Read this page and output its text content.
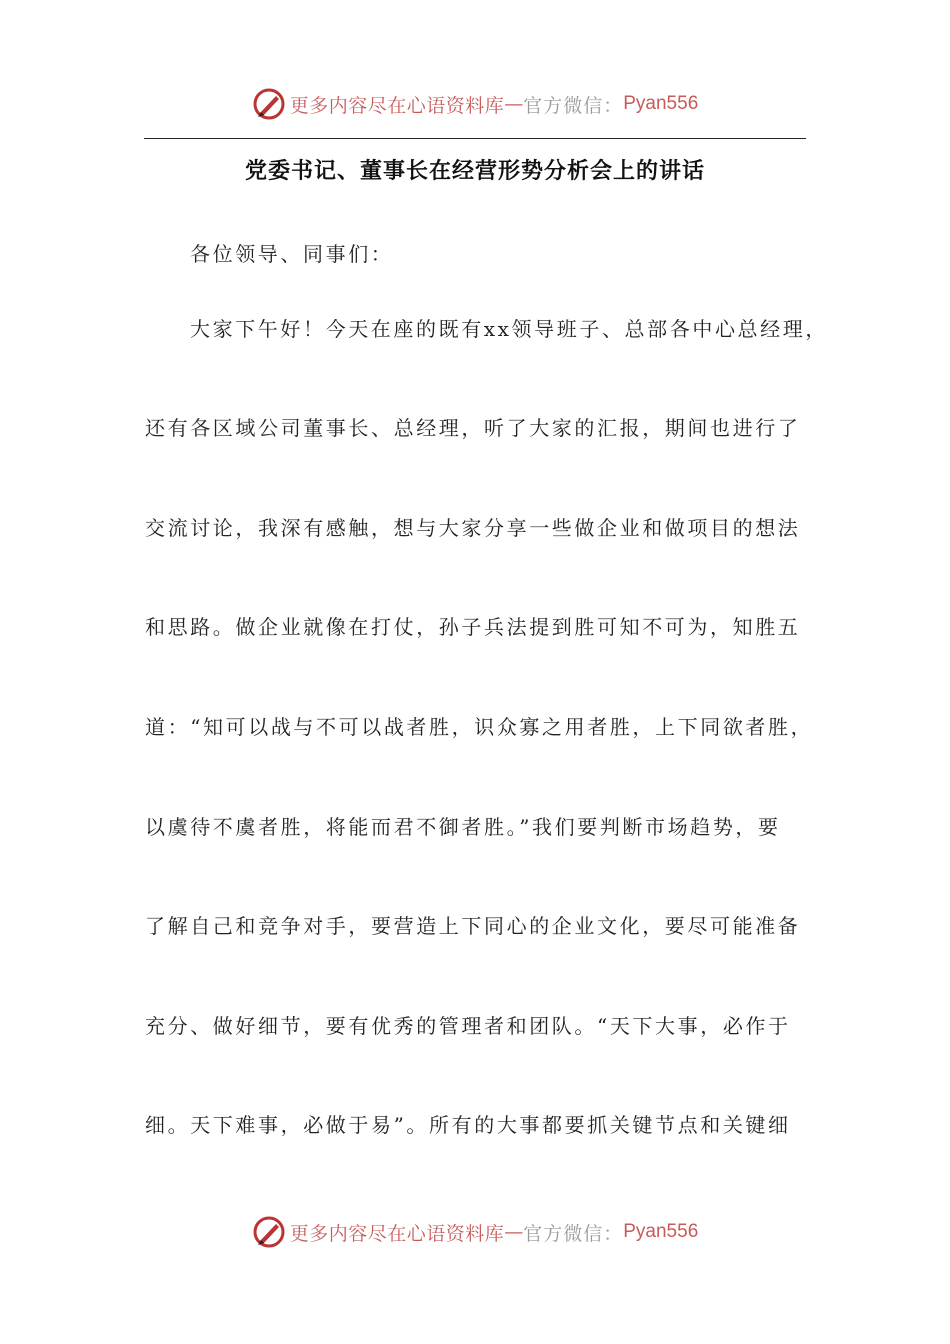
更多内容尽在心语资料库 — 官方微信： Pyan556
党委书记、董事长在经营形势分析会上的讲话
各位领导、同事们：
大家下午好！今天在座的既有xx领导班子、总部各中心总经理，
还有各区域公司董事长、总经理，听了大家的汇报，期间也进行了
交流讨论，我深有感触，想与大家分享一些做企业和做项目的想法
和思路。做企业就像在打仗，孙子兵法提到胜可知不可为，知胜五
道：“知可以战与不可以战者胜，识众寡之用者胜，上下同欲者胜，
以虞待不虞者胜，将能而君不御者胜。”我们要判断市场趋势，要
了解自己和竞争对手，要营造上下同心的企业文化，要尽可能准备
充分、做好细节，要有优秀的管理者和团队。“天下大事，必作于
细。天下难事，必做于易”。所有的大事都要抓关键节点和关键细
更多内容尽在心语资料库 — 官方微信： Pyan556
